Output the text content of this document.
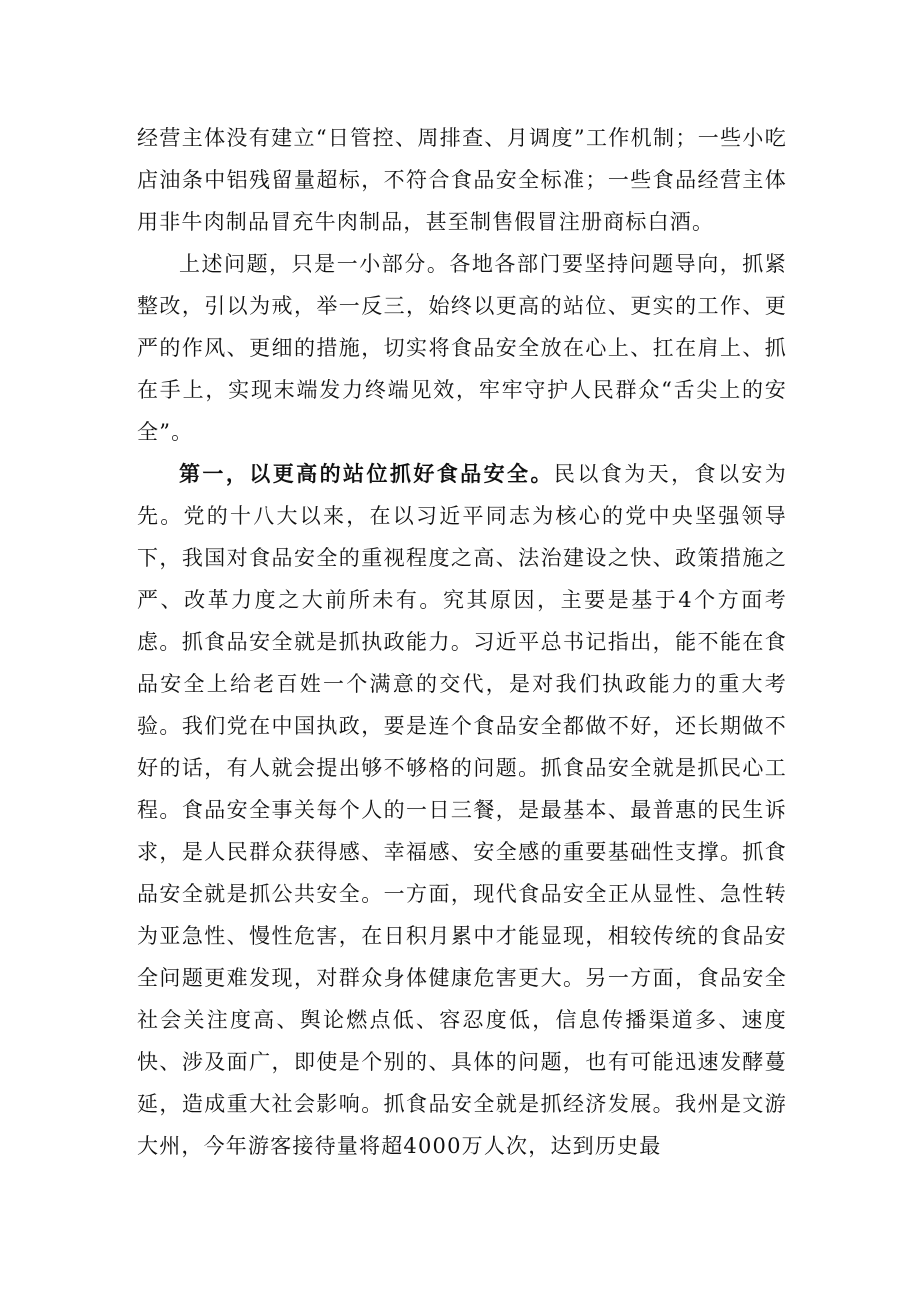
经营主体没有建立“日管控、周排查、月调度”工作机制；一些小吃店油条中铝残留量超标，不符合食品安全标准；一些食品经营主体用非牛肉制品冒充牛肉制品，甚至制售假冒注册商标白酒。

上述问题，只是一小部分。各地各部门要坚持问题导向，抓紧整改，引以为戒，举一反三，始终以更高的站位、更实的工作、更严的作风、更细的措施，切实将食品安全放在心上、扛在肩上、抓在手上，实现末端发力终端见效，牢牢守护人民群众“舌尖上的安全”。

第一，以更高的站位抓好食品安全。民以食为天，食以安为先。党的十八大以来，在以习近平同志为核心的党中央坚强领导下，我国对食品安全的重视程度之高、法治建设之快、政策措施之严、改革力度之大前所未有。究其原因，主要是基于4个方面考虑。抓食品安全就是抓执政能力。习近平总书记指出，能不能在食品安全上给老百姓一个满意的交代，是对我们执政能力的重大考验。我们党在中国执政，要是连个食品安全都做不好，还长期做不好的话，有人就会提出够不够格的问题。抓食品安全就是抓民心工程。食品安全事关每个人的一日三餐，是最基本、最普惠的民生诉求，是人民群众获得感、幸福感、安全感的重要基础性支撑。抓食品安全就是抓公共安全。一方面，现代食品安全正从显性、急性转为亚急性、慢性危害，在日积月累中才能显现，相较传统的食品安全问题更难发现，对群众身体健康危害更大。另一方面，食品安全社会关注度高、舆论燃点低、容忍度低，信息传播渠道多、速度快、涉及面广，即使是个别的、具体的问题，也有可能迅速发酵蔓延，造成重大社会影响。抓食品安全就是抓经济发展。我州是文游大州，今年游客接待量将超4000万人次，达到历史最
